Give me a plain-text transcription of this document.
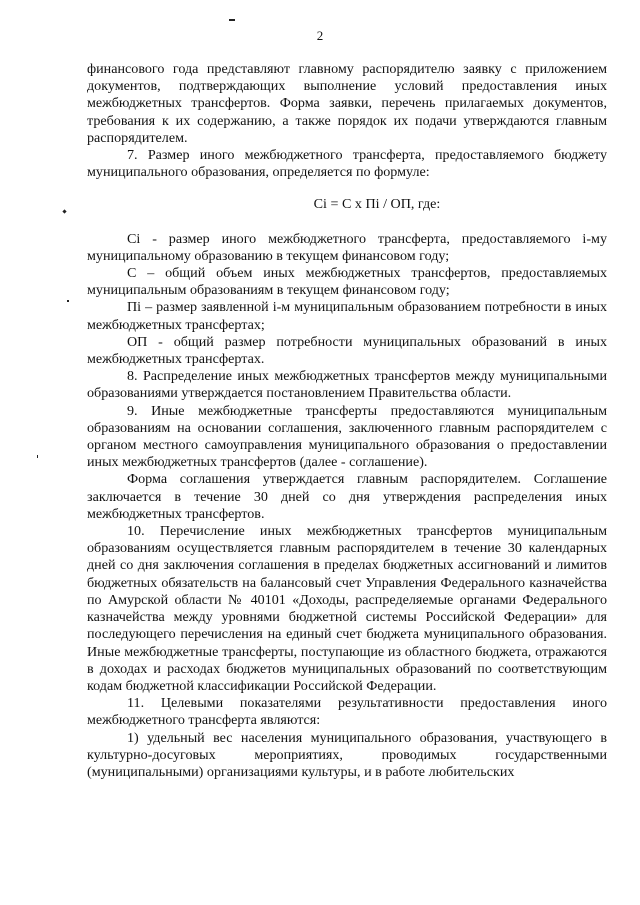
2

финансового года представляют главному распорядителю заявку с приложением документов, подтверждающих выполнение условий предоставления иных межбюджетных трансфертов. Форма заявки, перечень прилагаемых документов, требования к их содержанию, а также порядок их подачи утверждаются главным распорядителем.

7. Размер иного межбюджетного трансферта, предоставляемого бюджету муниципального образования, определяется по формуле:

Ci = C x Пi / ОП, где:

Ci - размер иного межбюджетного трансферта, предоставляемого i-му муниципальному образованию в текущем финансовом году;

С – общий объем иных межбюджетных трансфертов, предоставляемых муниципальным образованиям в текущем финансовом году;

Пi – размер заявленной i-м муниципальным образованием потребности в иных межбюджетных трансфертах;

ОП - общий размер потребности муниципальных образований в иных межбюджетных трансфертах.

8. Распределение иных межбюджетных трансфертов между муниципальными образованиями утверждается постановлением Правительства области.

9. Иные межбюджетные трансферты предоставляются муниципальным образованиям на основании соглашения, заключенного главным распорядителем с органом местного самоуправления муниципального образования о предоставлении иных межбюджетных трансфертов (далее - соглашение).

Форма соглашения утверждается главным распорядителем. Соглашение заключается в течение 30 дней со дня утверждения распределения иных межбюджетных трансфертов.

10. Перечисление иных межбюджетных трансфертов муниципальным образованиям осуществляется главным распорядителем в течение 30 календарных дней со дня заключения соглашения в пределах бюджетных ассигнований и лимитов бюджетных обязательств на балансовый счет Управления Федерального казначейства по Амурской области № 40101 «Доходы, распределяемые органами Федерального казначейства между уровнями бюджетной системы Российской Федерации» для последующего перечисления на единый счет бюджета муниципального образования. Иные межбюджетные трансферты, поступающие из областного бюджета, отражаются в доходах и расходах бюджетов муниципальных образований по соответствующим кодам бюджетной классификации Российской Федерации.

11. Целевыми показателями результативности предоставления иного межбюджетного трансферта являются:

1) удельный вес населения муниципального образования, участвующего в культурно-досуговых мероприятиях, проводимых государственными (муниципальными) организациями культуры, и в работе любительских
